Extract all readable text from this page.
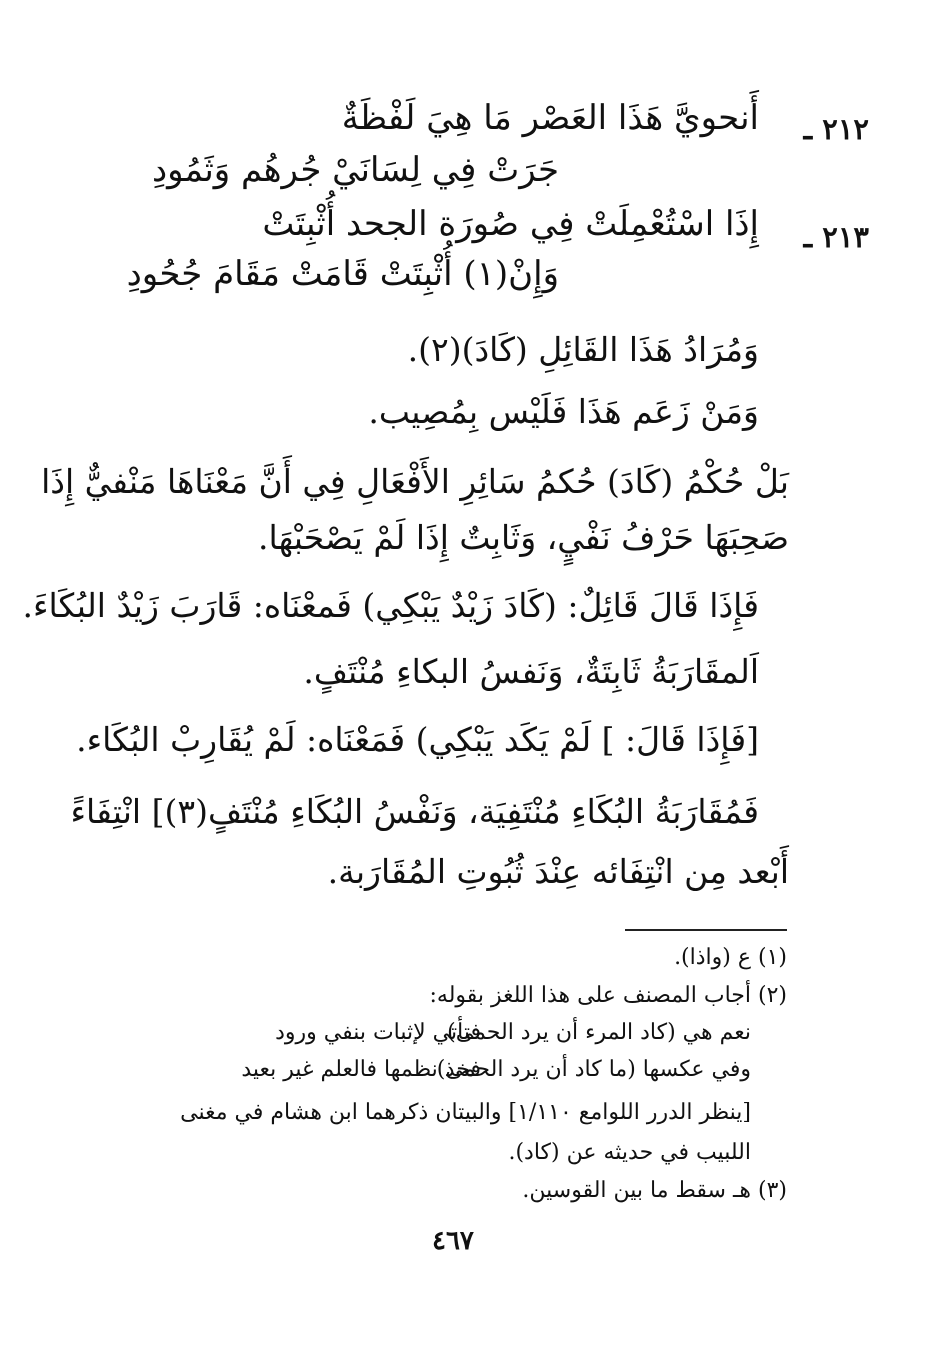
٢١٢ ـ
أَنحويَّ هَذَا العَصْر مَا هِيَ لَفْظَةٌ
جَرَتْ فِي لِسَانَيْ جُرهُم وَثَمُودِ
٢١٣ ـ
إِذَا اسْتُعْمِلَتْ فِي صُورَة الجحد أُثْبِتَتْ
وَإِنْ(١) أُثْبِتَتْ قَامَتْ مَقَامَ جُحُودِ
وَمُرَادُ هَذَا القَائِلِ (كَادَ)(٢).
وَمَنْ زَعَم هَذَا فَلَيْس بِمُصِيب.
بَلْ حُكْمُ (كَادَ) حُكمُ سَائِرِ الأَفْعَالِ فِي أَنَّ مَعْنَاهَا مَنْفيٌّ إِذَا
صَحِبَهَا حَرْفُ نَفْيٍ، وَثَابِتٌ إِذَا لَمْ يَصْحَبْهَا.
فَإِذَا قَالَ قَائِلٌ: (كَادَ زَيْدٌ يَبْكِي) فَمعْنَاه: قَارَبَ زَيْدٌ البُكَاءَ.
اَلمقَارَبَةُ ثَابِتَةٌ، وَنَفسُ البكاءِ مُنْتَفٍ.
[فَإِذَا قَالَ: ] لَمْ يَكَد يَبْكِي) فَمَعْنَاه: لَمْ يُقَارِبْ البُكَاء.
فَمُقَارَبَةُ البُكَاءِ مُنْتَفِيَة، وَنَفْسُ البُكَاءِ مُنْتَفٍ(٣)] انْتِفَاءً
أَبْعد مِن انْتِفَائه عِنْدَ ثُبُوتِ المُقَارَبة.
(١) ع (واذا).
(٢) أجاب المصنف على هذا اللغز بقوله:
نعم هي (كاد المرء أن يرد الحمى)
فتأتي لإثبات بنفي ورود
وفي عكسها (ما كاد أن يرد الحمى)
فخذ نظمها فالعلم غير بعيد
[ينظر الدرر اللوامع ١/١١٠] والبيتان ذكرهما ابن هشام في مغنى
اللبيب في حديثه عن (كاد).
(٣) هـ سقط ما بين القوسين.
٤٦٧
